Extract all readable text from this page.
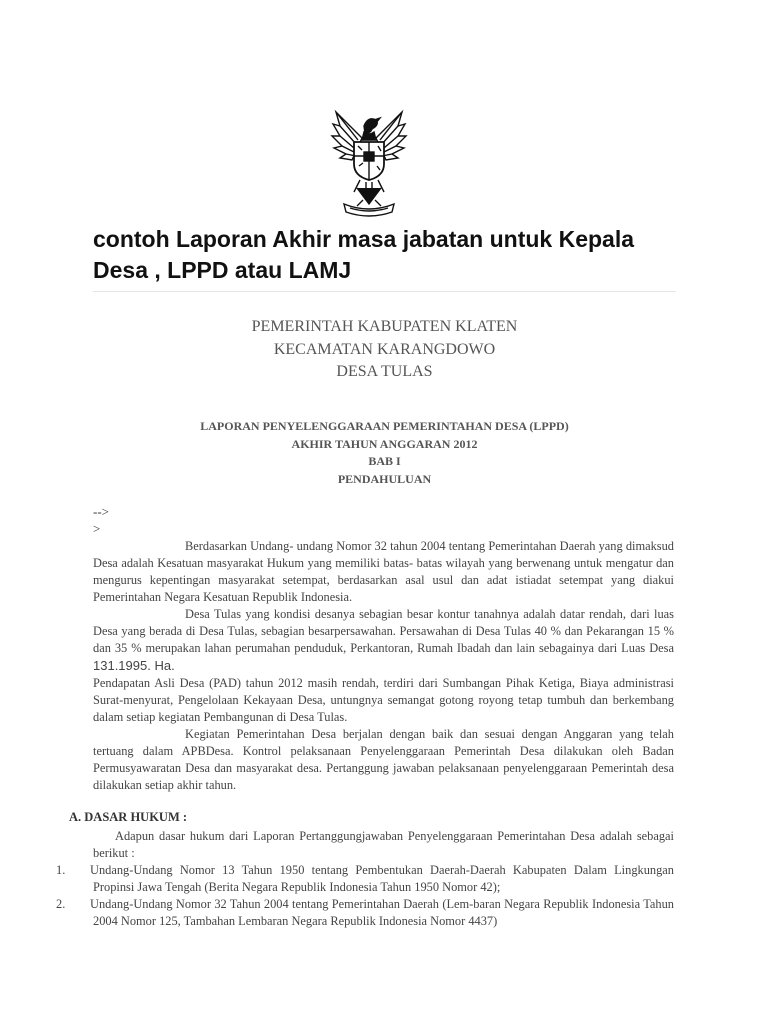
contoh Laporan Akhir masa jabatan untuk Kepala Desa , LPPD atau LAMJ
PEMERINTAH KABUPATEN KLATEN
KECAMATAN KARANGDOWO
DESA TULAS
LAPORAN PENYELENGGARAAN PEMERINTAHAN DESA (LPPD)
AKHIR TAHUN ANGGARAN 2012
BAB I
PENDAHULUAN
-->
>

Berdasarkan Undang- undang Nomor 32 tahun 2004 tentang Pemerintahan Daerah yang dimaksud Desa adalah Kesatuan masyarakat Hukum yang memiliki batas- batas wilayah yang berwenang untuk mengatur dan mengurus kepentingan masyarakat setempat, berdasarkan asal usul dan adat istiadat setempat yang diakui Pemerintahan Negara Kesatuan Republik Indonesia.

Desa Tulas yang kondisi desanya sebagian besar kontur tanahnya adalah datar rendah, dari luas Desa yang berada di Desa Tulas, sebagian besarpersawahan. Persawahan di Desa Tulas 40 % dan Pekarangan 15 % dan 35 % merupakan lahan perumahan penduduk, Perkantoran, Rumah Ibadah dan lain sebagainya dari Luas Desa 131.1995. Ha.

Pendapatan Asli Desa (PAD) tahun 2012 masih rendah, terdiri dari Sumbangan Pihak Ketiga, Biaya administrasi Surat-menyurat, Pengelolaan Kekayaan Desa, untungnya semangat gotong royong tetap tumbuh dan berkembang dalam setiap kegiatan Pembangunan di Desa Tulas.

Kegiatan Pemerintahan Desa berjalan dengan baik dan sesuai dengan Anggaran yang telah tertuang dalam APBDesa. Kontrol pelaksanaan Penyelenggaraan Pemerintah Desa dilakukan oleh Badan Permusyawaratan Desa dan masyarakat desa. Pertanggung jawaban pelaksanaan penyelenggaraan Pemerintah desa dilakukan setiap akhir tahun.

A. DASAR HUKUM :

Adapun dasar hukum dari Laporan Pertanggungjawaban Penyelenggaraan Pemerintahan Desa adalah sebagai berikut :

1. Undang-Undang Nomor 13 Tahun 1950 tentang Pembentukan Daerah-Daerah Kabupaten Dalam Lingkungan Propinsi Jawa Tengah (Berita Negara Republik Indonesia Tahun 1950 Nomor 42);
2. Undang-Undang Nomor 32 Tahun 2004 tentang Pemerintahan Daerah (Lem-baran Negara Republik Indonesia Tahun 2004 Nomor 125, Tambahan Lembaran Negara Republik Indonesia Nomor 4437)
